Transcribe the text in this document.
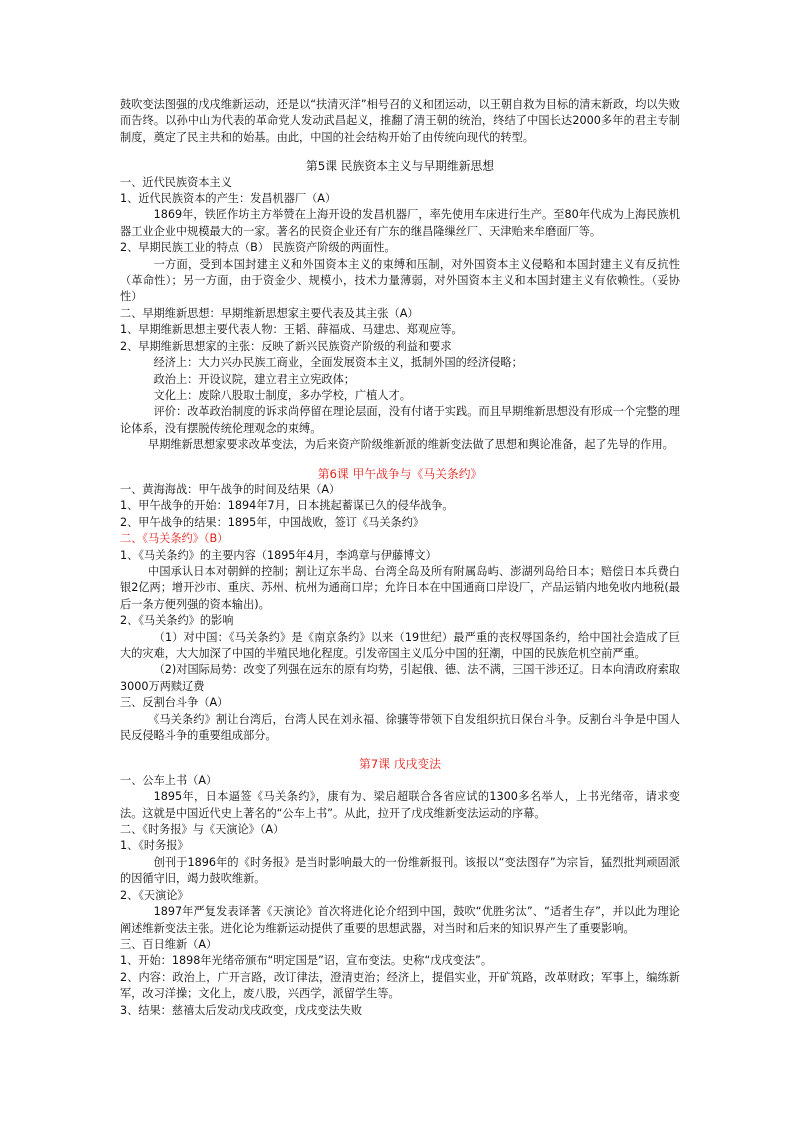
鼓吹变法图强的戊戌维新运动，还是以“扶清灭洋”相号召的义和团运动，以王朝自救为目标的清末新政，均以失败而告终。以孙中山为代表的革命党人发动武昌起义，推翻了清王朝的统治，终结了中国长达2000多年的君主专制制度，奠定了民主共和的始基。由此，中国的社会结构开始了由传统向现代的转型。

第5课 民族资本主义与早期维新思想

一、近代民族资本主义

1、近代民族资本的产生：发昌机器厂（A）

1869年，铁匠作坊主方举赞在上海开设的发昌机器厂，率先使用车床进行生产。至80年代成为上海民族机器工业企业中规模最大的一家。著名的民资企业还有广东的继昌隆缫丝厂、天津贻来牟磨面厂等。

2、早期民族工业的特点（B） 民族资产阶级的两面性。

一方面，受到本国封建主义和外国资本主义的束缚和压制，对外国资本主义侵略和本国封建主义有反抗性（革命性）；另一方面，由于资金少、规模小，技术力量薄弱，对外国资本主义和本国封建主义有依赖性。（妥协性）

二、早期维新思想：早期维新思想家主要代表及其主张（A）

1、早期维新思想主要代表人物：王韬、薛福成、马建忠、郑观应等。

2、早期维新思想家的主张：反映了新兴民族资产阶级的利益和要求

经济上：大力兴办民族工商业，全面发展资本主义，抵制外国的经济侵略；

政治上：开设议院，建立君主立宪政体；

文化上：废除八股取士制度，多办学校，广植人才。

评价：改革政治制度的诉求尚停留在理论层面，没有付诸于实践。而且早期维新思想没有形成一个完整的理论体系，没有摆脱传统伦理观念的束缚。

早期维新思想家要求改革变法，为后来资产阶级维新派的维新变法做了思想和舆论准备，起了先导的作用。

第6课 甲午战争与《马关条约》

一、黄海海战：甲午战争的时间及结果（A）

1、甲午战争的开始：1894年7月，日本挑起蓄谋已久的侵华战争。

2、甲午战争的结果：1895年，中国战败，签订《马关条约》

二、《马关条约》（B）

1、《马关条约》的主要内容（1895年4月，李鸿章与伊藤博文）

中国承认日本对朝鲜的控制；割让辽东半岛、台湾全岛及所有附属岛屿、澎湖列岛给日本；赔偿日本兵费白银2亿两；增开沙市、重庆、苏州、杭州为通商口岸；允许日本在中国通商口岸设厂，产品运销内地免收内地税(最后一条方便列强的资本输出)。

2、《马关条约》的影响

（1）对中国：《马关条约》是《南京条约》以来（19世纪）最严重的丧权辱国条约，给中国社会造成了巨大的灾难，大大加深了中国的半殖民地化程度。引发帝国主义瓜分中国的狂潮，中国的民族危机空前严重。

（2)对国际局势：改变了列强在远东的原有均势，引起俄、德、法不满，三国干涉还辽。日本向清政府索取3000万两赎辽费

三、反割台斗争（A）

《马关条约》割让台湾后，台湾人民在刘永福、徐骧等带领下自发组织抗日保台斗争。反割台斗争是中国人民反侵略斗争的重要组成部分。

第7课 戊戌变法

一、公车上书（A）

1895年，日本逼签《马关条约》，康有为、梁启超联合各省应试的1300多名举人，上书光绪帝，请求变法。这就是中国近代史上著名的“公车上书”。从此，拉开了戊戌维新变法运动的序幕。

二、《时务报》与《天演论》（A）

1、《时务报》

创刊于1896年的《时务报》是当时影响最大的一份维新报刊。该报以“变法图存”为宗旨，猛烈批判顽固派的因循守旧，竭力鼓吹维新。

2、《天演论》

1897年严复发表译著《天演论》首次将进化论介绍到中国，鼓吹“优胜劣汰”、“适者生存”，并以此为理论阐述维新变法主张。进化论为维新运动提供了重要的思想武器，对当时和后来的知识界产生了重要影响。

三、百日维新（A）

1、开始：1898年光绪帝颁布“明定国是”诏，宣布变法。史称“戊戌变法”。

2、内容：政治上，广开言路，改订律法，澄清吏治；经济上，提倡实业，开矿筑路，改革财政；军事上，编练新军，改习洋操；文化上，废八股，兴西学，派留学生等。

3、结果：慈禧太后发动戊戌政变，戊戌变法失败
